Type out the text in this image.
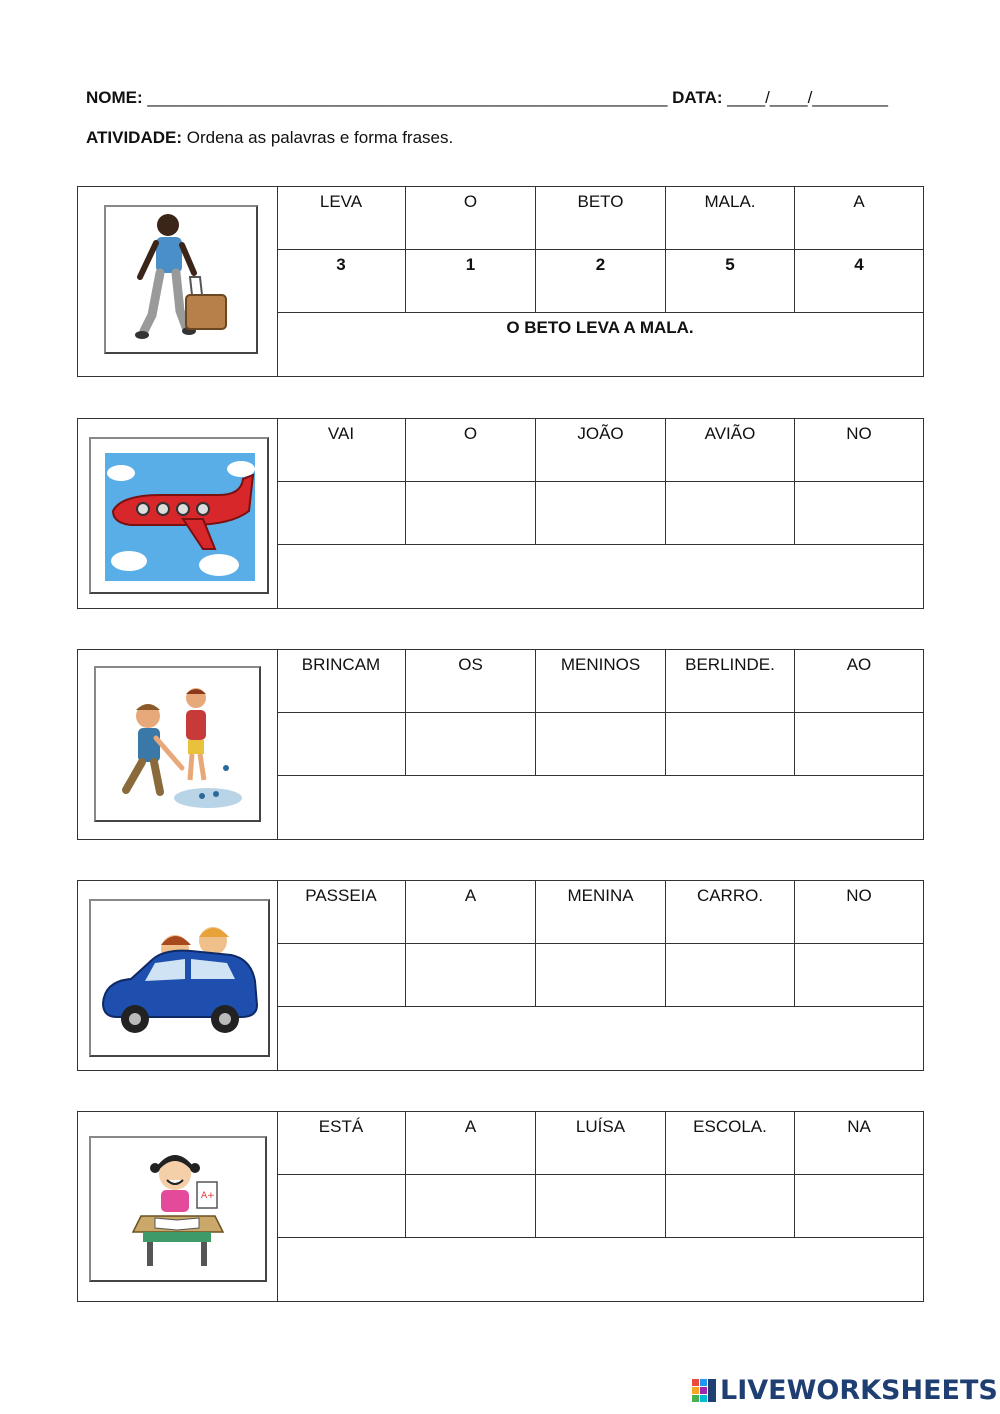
NOME: _______________________________________________________ DATA: ____/____/________
ATIVIDADE: Ordena as palavras e forma frases.
LEVA	O	BETO	MALA.	A
3	1	2	5	4
O BETO LEVA A MALA.
VAI	O	JOÃO	AVIÃO	NO
BRINCAM	OS	MENINOS	BERLINDE.	AO
PASSEIA	A	MENINA	CARRO.	NO
A+
ESTÁ	A	LUÍSA	ESCOLA.	NA
LIVEWORKSHEETS
